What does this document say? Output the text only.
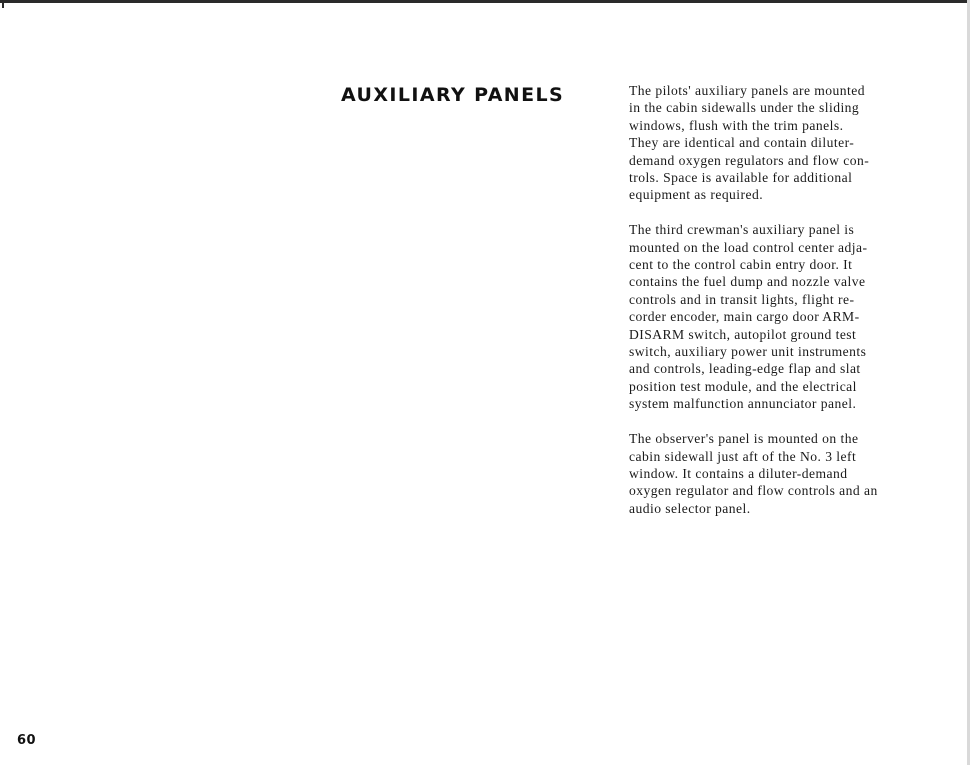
AUXILIARY PANELS	The pilots' auxiliary panels are mounted
in the cabin sidewalls under the sliding
windows, flush with the trim panels.
They are identical and contain diluter-
demand oxygen regulators and flow con-
trols. Space is available for additional
equipment as required.

The third crewman's auxiliary panel is
mounted on the load control center adja-
cent to the control cabin entry door. It
contains the fuel dump and nozzle valve
controls and in transit lights, flight re-
corder encoder, main cargo door ARM-
DISARM switch, autopilot ground test
switch, auxiliary power unit instruments
and controls, leading-edge flap and slat
position test module, and the electrical
system malfunction annunciator panel.

The observer's panel is mounted on the
cabin sidewall just aft of the No. 3 left
window. It contains a diluter-demand
oxygen regulator and flow controls and an
audio selector panel.

60
